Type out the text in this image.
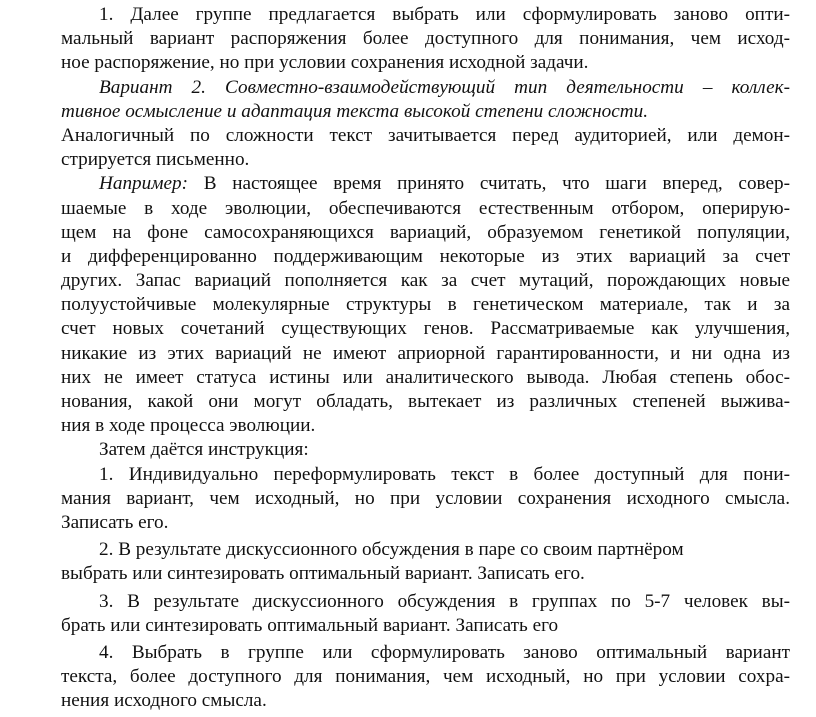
1. Далее группе предлагается выбрать или сформулировать заново опти-
мальный вариант распоряжения более доступного для понимания, чем исход-
ное распоряжение, но при условии сохранения исходной задачи.
Вариант 2. Совместно-взаимодействующий тип деятельности – коллек-
тивное осмысление и адаптация текста высокой степени сложности.
Аналогичный по сложности текст зачитывается перед аудиторией, или демон-
стрируется письменно.
Например: В настоящее время принято считать, что шаги вперед, совер-
шаемые в ходе эволюции, обеспечиваются естественным отбором, оперирую-
щем на фоне самосохраняющихся вариаций, образуемом генетикой популяции,
и дифференцированно поддерживающим некоторые из этих вариаций за счет
других. Запас вариаций пополняется как за счет мутаций, порождающих новые
полуустойчивые молекулярные структуры в генетическом материале, так и за
счет новых сочетаний существующих генов. Рассматриваемые как улучшения,
никакие из этих вариаций не имеют априорной гарантированности, и ни одна из
них не имеет статуса истины или аналитического вывода. Любая степень обос-
нования, какой они могут обладать, вытекает из различных степеней выжива-
ния в ходе процесса эволюции.
Затем даётся инструкция:
1. Индивидуально переформулировать текст в более доступный для пони-
мания вариант, чем исходный, но при условии сохранения исходного смысла.
Записать его.
2. В результате дискуссионного обсуждения в паре со своим партнёром
выбрать или синтезировать оптимальный вариант. Записать его.
3. В результате дискуссионного обсуждения в группах по 5-7 человек вы-
брать или синтезировать оптимальный вариант. Записать его
4. Выбрать в группе или сформулировать заново оптимальный вариант
текста, более доступного для понимания, чем исходный, но при условии сохра-
нения исходного смысла.
